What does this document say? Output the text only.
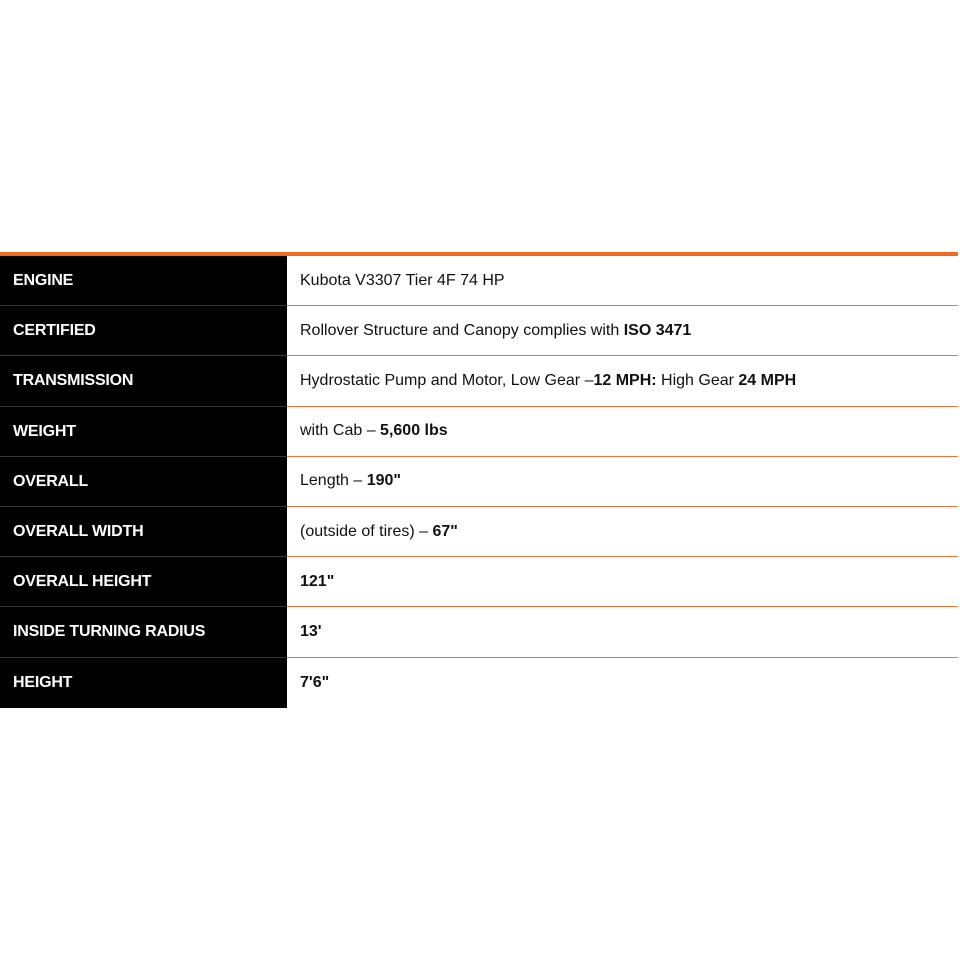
ENGINE	Kubota V3307 Tier 4F 74 HP
CERTIFIED	Rollover Structure and Canopy complies with ISO 3471
TRANSMISSION	Hydrostatic Pump and Motor, Low Gear – 12 MPH: High Gear 24 MPH
WEIGHT	with Cab – 5,600 lbs
OVERALL	Length – 190"
OVERALL WIDTH	(outside of tires) – 67"
OVERALL HEIGHT	121"
INSIDE TURNING RADIUS	13'
HEIGHT	7'6"
